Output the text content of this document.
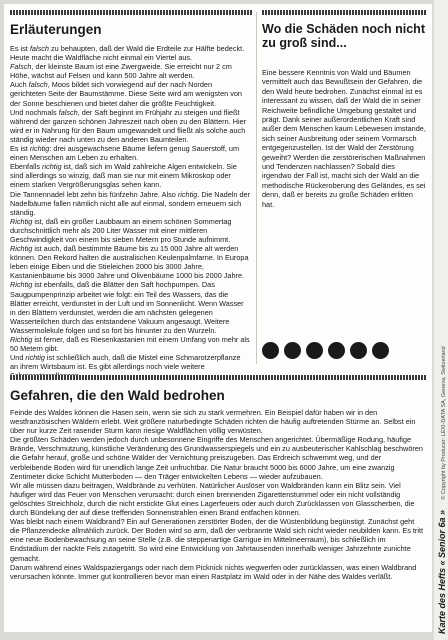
Erläuterungen

Es ist falsch zu behaupten, daß der Wald die Erdteile zur Hälfte bedeckt. Heute macht die Waldfläche nicht einmal ein Viertel aus.

Falsch, der kleinste Baum ist eine Zwergweide. Sie erreicht nur 2 cm Höhe, wächst auf Felsen und kann 500 Jahre alt werden.

Auch falsch, Moos bildet sich vorwiegend auf der nach Norden gerichteten Seite der Baumstämme. Diese Seite wird am wenigsten von der Sonne beschienen und bietet daher die größte Feuchtigkeit.

Und nochmals falsch, der Saft beginnt im Frühjahr zu steigen und fließt während der ganzen schönen Jahreszeit nach oben zu den Blättern. Hier wird er in Nahrung für den Baum umgewandelt und fließt als solche auch ständig wieder nach unten zu den anderen Baumteilen.

Es ist richtig: drei ausgewachsene Bäume liefern genug Sauerstoff, um einen Menschen am Leben zu erhalten.

Ebenfalls richtig ist, daß sich im Wald zahlreiche Algen entwickeln. Sie sind allerdings so winzig, daß man sie nur mit einem Mikroskop oder einem starken Vergrößerungsglas sehen kann.

Die Tannennadel lebt zehn bis fünfzehn Jahre. Also richtig. Die Nadeln der Nadelbäume fallen nämlich nicht alle auf einmal, sondern erneuern sich ständig.

Richtig ist, daß ein großer Laubbaum an einem schönen Sommertag durchschnittlich mehr als 200 Liter Wasser mit einer mittleren Geschwindigkeit von einem bis sieben Metern pro Stunde aufnimmt.

Richtig ist auch, daß bestimmte Bäume bis zu 15 000 Jahre alt werden können. Den Rekord halten die australischen Keulenpalmfarne. In Europa leben einige Eiben und die Stieleichen 2000 bis 3000 Jahre, Kastanienbäume bis 3000 Jahre und Olivenbäume 1000 bis 2000 Jahre.

Richtig ist ebenfalls, daß die Blätter den Saft hochpumpen. Das Saugpumpenprinzip arbeitet wie folgt: ein Teil des Wassers, das die Blätter erreicht, verdunstet in der Luft und im Sonnenlicht. Wenn Wasser in den Blättern verdunstet, werden die am nächsten gelegenen Wasserteilchen durch das entstandene Vakuum angesaugt. Weitere Wassermolekule folgen und so fort bis hinunter zu den Wurzeln.

Richtig ist ferner, daß es Riesenkastanien mit einem Umfang von mehr als 50 Metern gibt.

Und richtig ist schließlich auch, daß die Mistel eine Schmarotzerpflanze an ihrem Wirtsbaum ist. Es gibt allerdings noch viele weitere

Wo die Schäden noch nicht zu groß sind...

Eine bessere Kenntnis von Wald und Bäumen vermittelt auch das Bewußtsein der Gefahren, die den Wald heute bedrohen. Zunächst einmal ist es interessant zu wissen, daß der Wald die in seiner Reichweite befindliche Umgebung gestaltet und prägt. Dank seiner außerordentlichen Kraft sind außer dem Menschen kaum Lebewesen imstande, sich seiner Ausbreitung oder seinem Vormarsch entgegenzustellen. Ist der Wald der Zerstörung geweiht? Werden die zerstörerischen Maßnahmen und Tendenzen nachlassen? Sobald dies irgendwo der Fall ist, macht sich der Wald an die methodische Rückeroberung des Geländes, es sei denn, daß er bereits zu große Schäden erlitten hat.

Gefahren, die den Wald bedrohen

Feinde des Waldes können die Hasen sein, wenn sie sich zu stark vermehren. Ein Beispiel dafür haben wir in den westfranzösischen Wäldern erlebt. Weit größere naturbedingte Schäden richten die häufig auftretenden Stürme an. Selbst ein über nur kurze Zeit rasender Sturm kann riesige Waldflächen völlig verwüsten.

Die größten Schäden werden jedoch durch unbesonnene Eingriffe des Menschen angerichtet. Übermäßige Rodung, häufige Brände, Verschmutzung, künstliche Veränderung des Grundwasserspiegels und ein zu ausbeuterischer Kahlschlag beschwören die Gefahr herauf, große und schöne Wälder der Vernichtung preiszugeben. Das Erdreich schwemmt weg, und der verbleibende Boden wird für unendlich lange Zeit unfruchtbar. Die Natur braucht 5000 bis 6000 Jahre, um eine zwanzig Zentimeter dicke Schicht Mutterboden — den Träger entwickelten Lebens — wieder aufzubauen.

Wir alle müssen dazu beitragen, Waldbrände zu verhüten. Natürlicher Auslöser von Waldbränden kann ein Blitz sein. Viel häufiger wird das Feuer von Menschen verursacht: durch einen brennenden Zigarettenstummel oder ein nicht vollständig gelöschtes Streichholz, durch die nicht erstickte Glut eines Lagerfeuers oder auch durch Zurücklassen von Glasscherben, die durch Bündelung der auf diese treffenden Sonnenstrahlen einen Brand entfachen können.

Was bleibt nach einem Waldbrand? Ein auf Generationen zerstörter Boden, der die Wüstenbildung begünstigt. Zunächst geht die Pflanzendecke allmählich zurück. Der Boden wird so arm, daß der verbrannte Wald sich nicht wieder neubilden kann. Es tritt eine neue Bodenbewachsung an seine Stelle (z.B. die steppenartige Garrigue im Mittelmeerraum), bis schließlich im Endstadium der nackte Fels zutagetritt. So wird eine Entwicklung von Jahrtausenden innerhalb weniger Jahrzehnte zunichte gemacht.

Darum während eines Waldspaziergangs oder nach dem Picknick nichts wegwerfen oder zurücklassen, was einen Waldbrand verursachen könnte. Immer gut kontrollieren bevor man einen Rastplatz im Wald oder in der Nähe des Waldes verläßt.	Karte des Hefts « Senior 6a » © Copyright by Producer: LEXI-DATA SA, Geneva, Switzerland
